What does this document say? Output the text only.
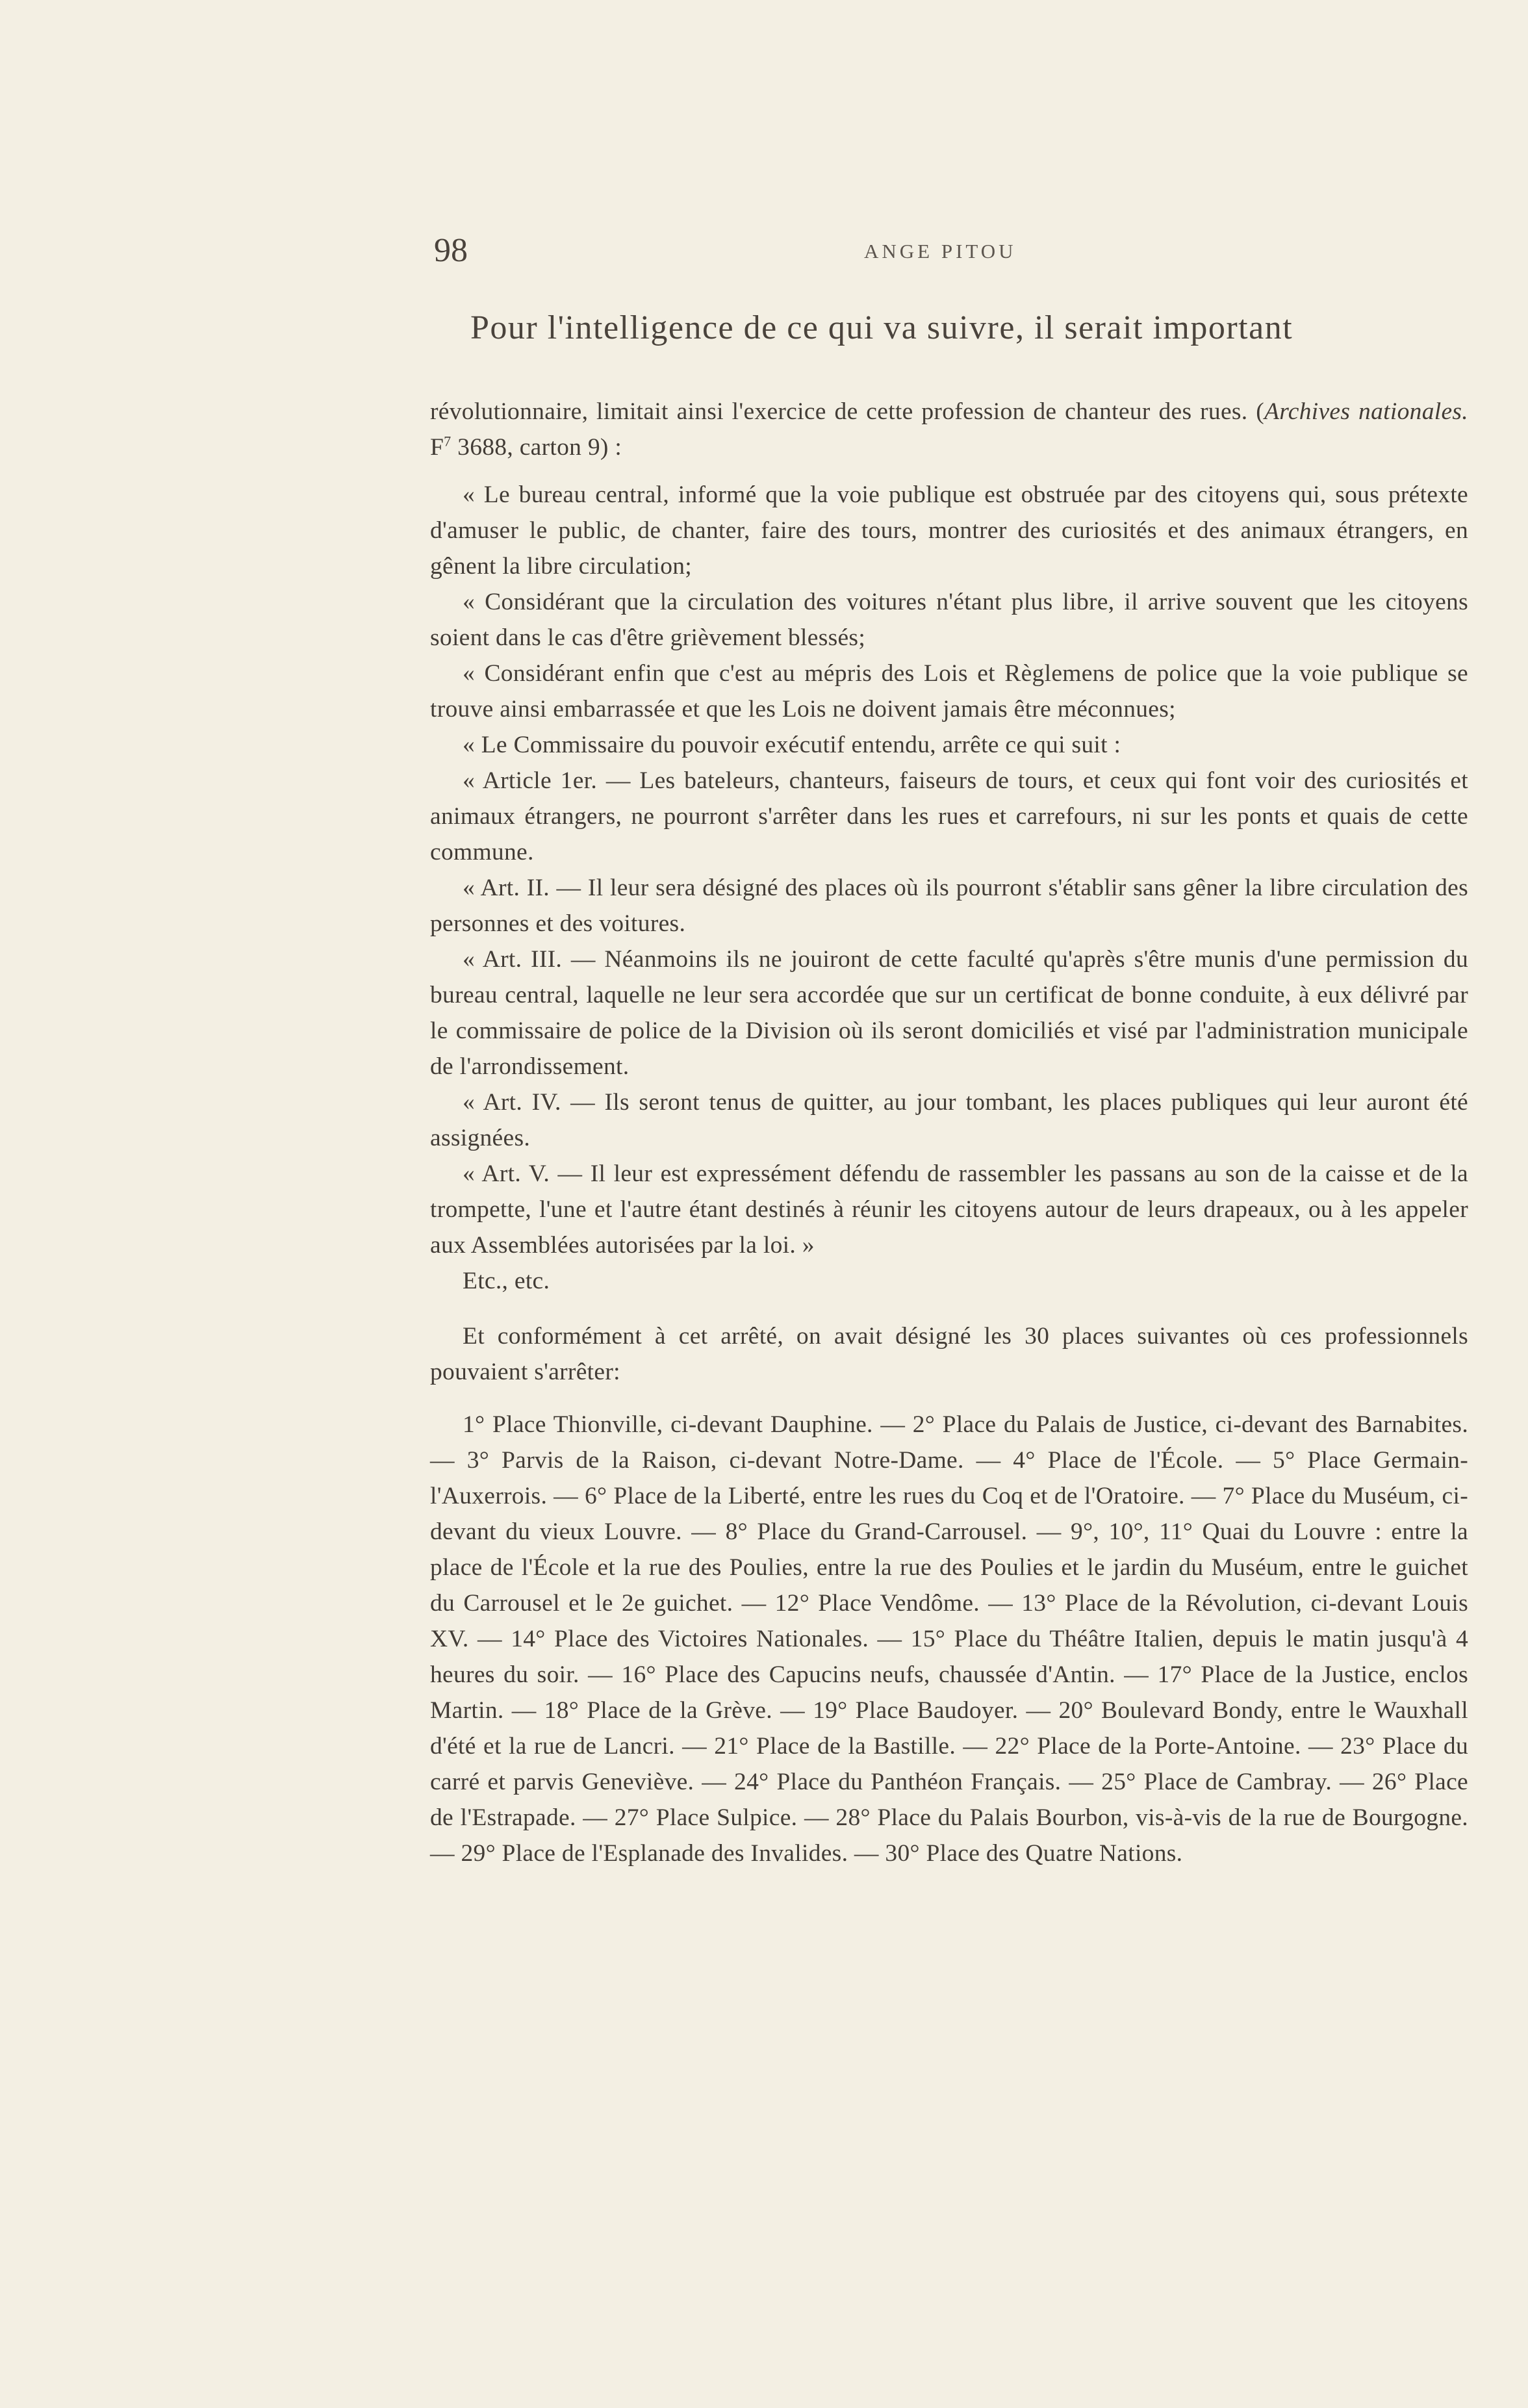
98	ANGE PITOU
Pour l'intelligence de ce qui va suivre, il serait important

révolutionnaire, limitait ainsi l'exercice de cette profession de chanteur des rues. (Archives nationales. $F^7$ 3688, carton 9) :

« Le bureau central, informé que la voie publique est obstruée par des citoyens qui, sous prétexte d'amuser le public, de chanter, faire des tours, montrer des curiosités et des animaux étrangers, en gênent la libre circulation;

« Considérant que la circulation des voitures n'étant plus libre, il arrive souvent que les citoyens soient dans le cas d'être grièvement blessés;

« Considérant enfin que c'est au mépris des Lois et Règlemens de police que la voie publique se trouve ainsi embarrassée et que les Lois ne doivent jamais être méconnues;

« Le Commissaire du pouvoir exécutif entendu, arrête ce qui suit :

« Article 1er. — Les bateleurs, chanteurs, faiseurs de tours, et ceux qui font voir des curiosités et animaux étrangers, ne pourront s'arrêter dans les rues et carrefours, ni sur les ponts et quais de cette commune.

« Art. II. — Il leur sera désigné des places où ils pourront s'établir sans gêner la libre circulation des personnes et des voitures.

« Art. III. — Néanmoins ils ne jouiront de cette faculté qu'après s'être munis d'une permission du bureau central, laquelle ne leur sera accordée que sur un certificat de bonne conduite, à eux délivré par le commissaire de police de la Division où ils seront domiciliés et visé par l'administration municipale de l'arrondissement.

« Art. IV. — Ils seront tenus de quitter, au jour tombant, les places publiques qui leur auront été assignées.

« Art. V. — Il leur est expressément défendu de rassembler les passans au son de la caisse et de la trompette, l'une et l'autre étant destinés à réunir les citoyens autour de leurs drapeaux, ou à les appeler aux Assemblées autorisées par la loi. »

Etc., etc.

Et conformément à cet arrêté, on avait désigné les 30 places suivantes où ces professionnels pouvaient s'arrêter:

1° Place Thionville, ci-devant Dauphine. — 2° Place du Palais de Justice, ci-devant des Barnabites. — 3° Parvis de la Raison, ci-devant Notre-Dame. — 4° Place de l'École. — 5° Place Germain-l'Auxerrois. — 6° Place de la Liberté, entre les rues du Coq et de l'Oratoire. — 7° Place du Muséum, ci-devant du vieux Louvre. — 8° Place du Grand-Carrousel. — 9°, 10°, 11° Quai du Louvre : entre la place de l'École et la rue des Poulies, entre la rue des Poulies et le jardin du Muséum, entre le guichet du Carrousel et le 2e guichet. — 12° Place Vendôme. — 13° Place de la Révolution, ci-devant Louis XV. — 14° Place des Victoires Nationales. — 15° Place du Théâtre Italien, depuis le matin jusqu'à 4 heures du soir. — 16° Place des Capucins neufs, chaussée d'Antin. — 17° Place de la Justice, enclos Martin. — 18° Place de la Grève. — 19° Place Baudoyer. — 20° Boulevard Bondy, entre le Wauxhall d'été et la rue de Lancri. — 21° Place de la Bastille. — 22° Place de la Porte-Antoine. — 23° Place du carré et parvis Geneviève. — 24° Place du Panthéon Français. — 25° Place de Cambray. — 26° Place de l'Estrapade. — 27° Place Sulpice. — 28° Place du Palais Bourbon, vis-à-vis de la rue de Bourgogne. — 29° Place de l'Esplanade des Invalides. — 30° Place des Quatre Nations.
